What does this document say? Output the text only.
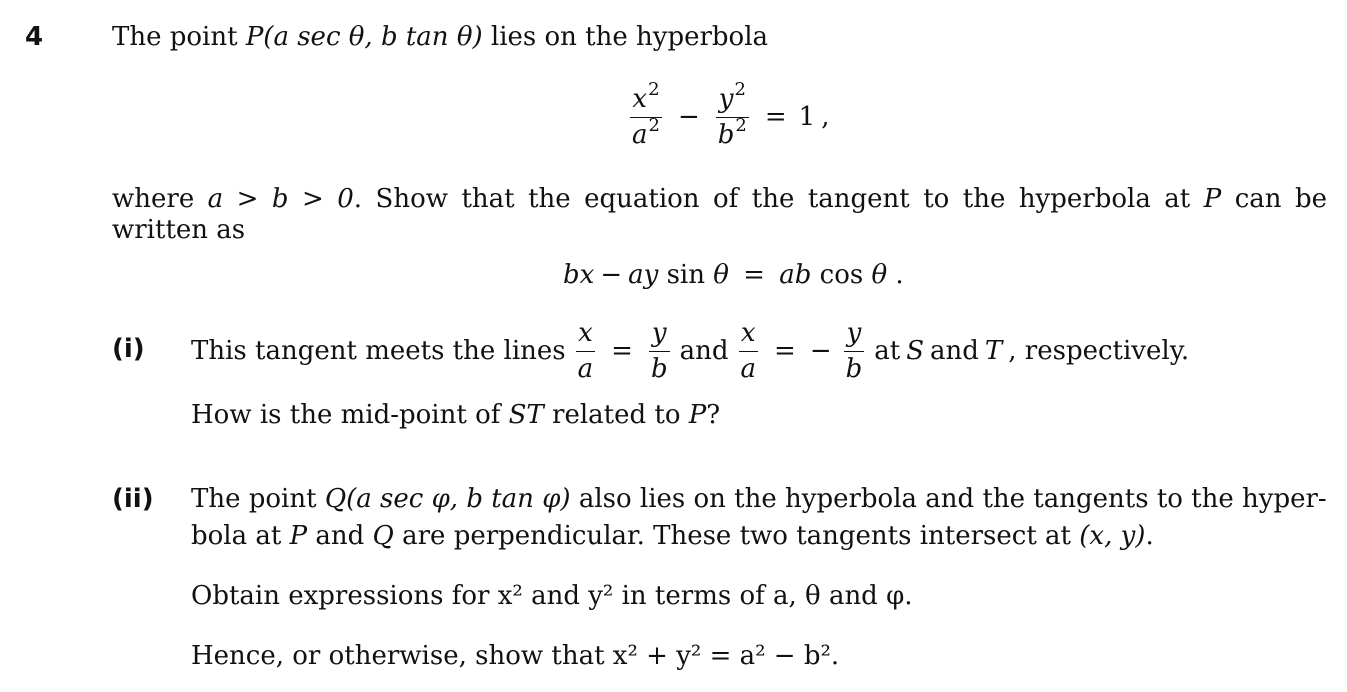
4	The point P(a sec θ, b tan θ) lies on the hyperbola
$\frac{x^2}{a^2} - \frac{y^2}{b^2} = 1$ ,
where a > b > 0. Show that the equation of the tangent to the hyperbola at P can be written as
bx − ay sin θ = ab cos θ .
(i) This tangent meets the lines $\frac{x}{a} = \frac{y}{b}$ and $\frac{x}{a}$ = − $\frac{y}{b}$ at S and T , respectively.
How is the mid-point of ST related to P?
(ii) The point Q(a sec φ, b tan φ) also lies on the hyperbola and the tangents to the hyper-
bola at P and Q are perpendicular. These two tangents intersect at (x, y).
Obtain expressions for x² and y² in terms of a, θ and φ.
Hence, or otherwise, show that x² + y² = a² − b².
